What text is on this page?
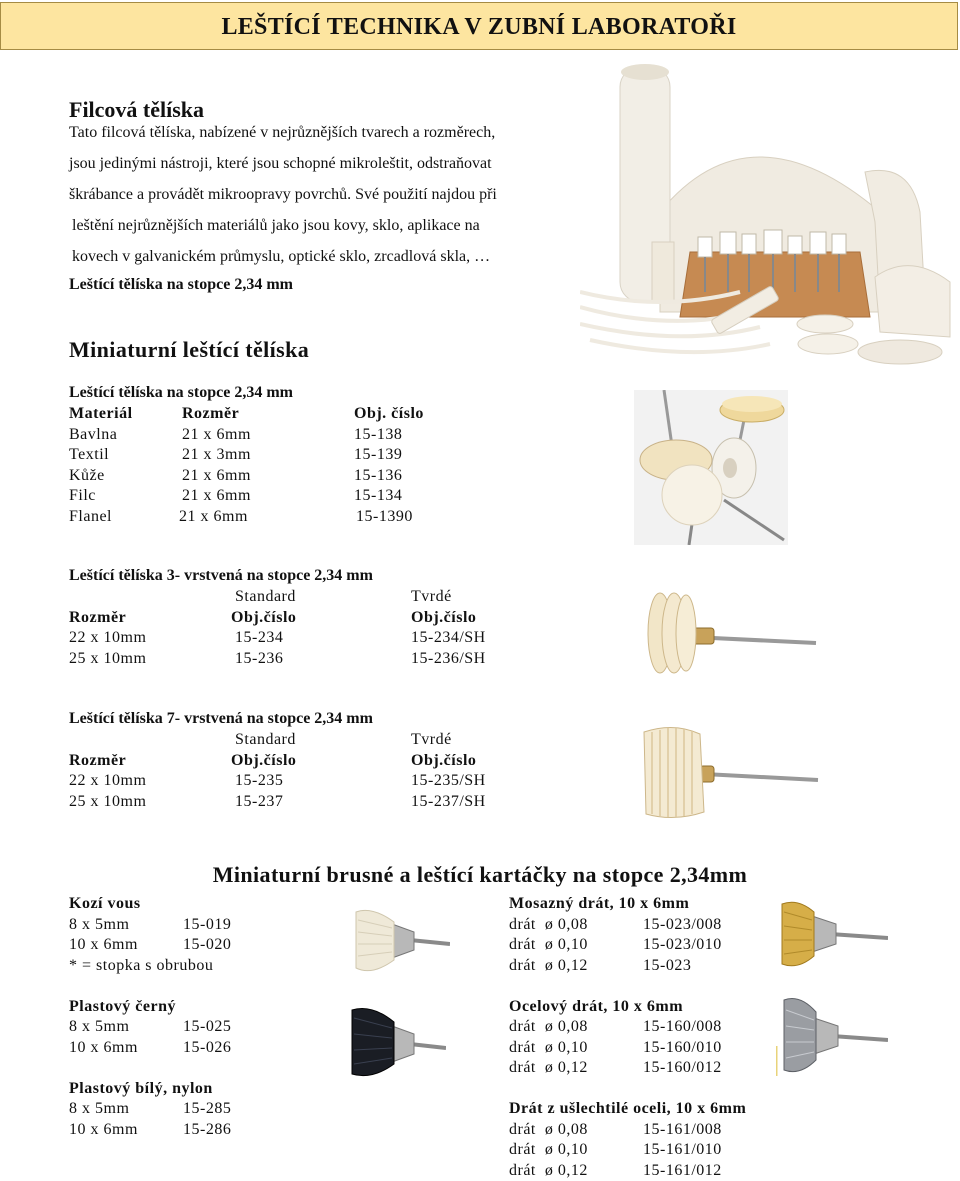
LEŠTÍCÍ TECHNIKA V ZUBNÍ LABORATOŘI
Filcová tělíska
Tato filcová tělíska, nabízené v nejrůznějších tvarech a rozměrech,
jsou jedinými nástroji, které jsou schopné mikroleštit, odstraňovat
škrábance a provádět mikroopravy povrchů. Své použití najdou při
leštění nejrůznějších materiálů jako jsou kovy, sklo, aplikace na
kovech v galvanickém průmyslu, optické sklo, zrcadlová skla, …
Leštící tělíska na stopce 2,34 mm
Miniaturní leštící tělíska
Leštící tělíska na stopce 2,34 mm
Materiál	Rozměr	Obj. číslo
Bavlna	21 x 6mm	15-138
Textil	21 x 3mm	15-139
Kůže	21 x 6mm	15-136
Filc	21 x 6mm	15-134
Flanel	21 x 6mm	15-1390
Leštící tělíska 3- vrstvená na stopce 2,34 mm
Standard	Tvrdé
Rozměr	Obj.číslo	Obj.číslo
22 x 10mm	15-234	15-234/SH
25 x 10mm	15-236	15-236/SH
Leštící tělíska 7- vrstvená na stopce 2,34 mm
Standard	Tvrdé
Rozměr	Obj.číslo	Obj.číslo
22 x 10mm	15-235	15-235/SH
25 x 10mm	15-237	15-237/SH
Miniaturní brusné a leštící kartáčky na stopce 2,34mm
Kozí vous
8 x 5mm	15-019
10 x 6mm	15-020
* = stopka s obrubou
Plastový černý
8 x 5mm	15-025
10 x 6mm	15-026
Plastový bílý, nylon
8 x 5mm	15-285
10 x 6mm	15-286
Mosazný drát, 10 x 6mm
drát  ø 0,08	15-023/008
drát  ø 0,10	15-023/010
drát  ø 0,12	15-023
Ocelový drát, 10 x 6mm
drát  ø 0,08	15-160/008
drát  ø 0,10	15-160/010
drát  ø 0,12	15-160/012
Drát z ušlechtilé oceli, 10 x 6mm
drát  ø 0,08	15-161/008
drát  ø 0,10	15-161/010
drát  ø 0,12	15-161/012
